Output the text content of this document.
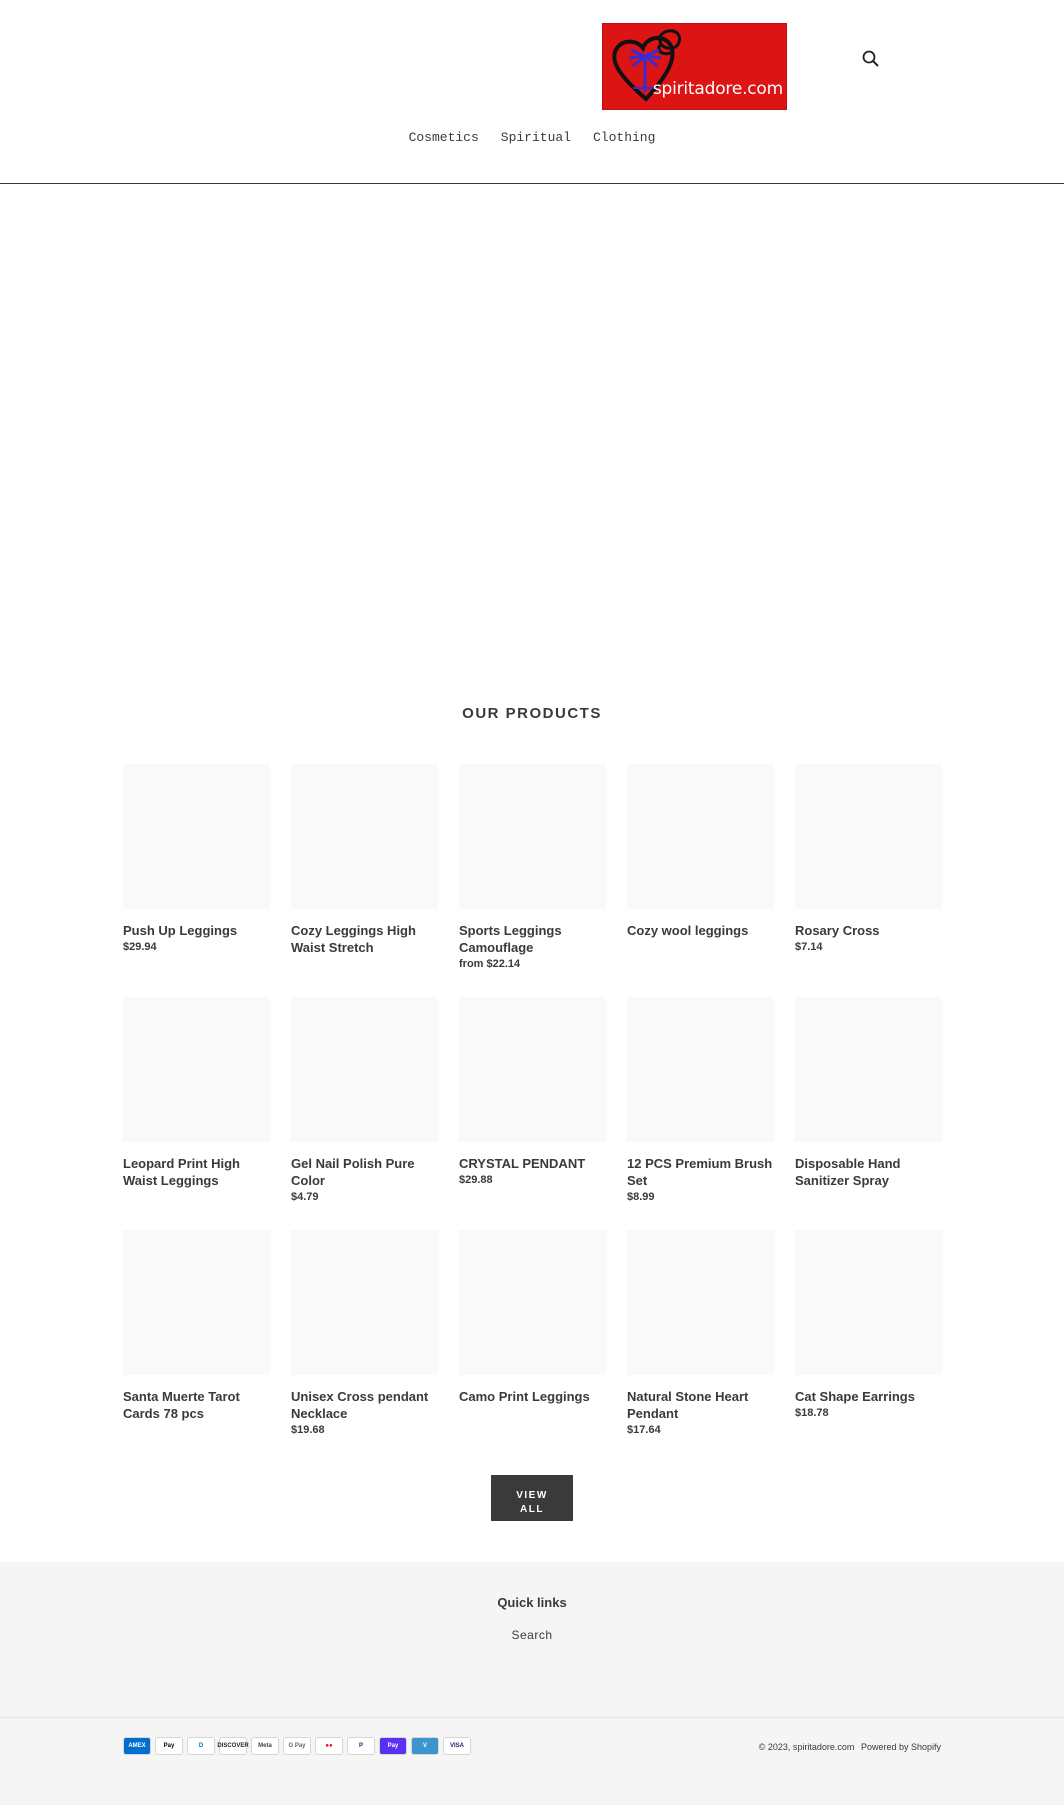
spiritadore.com
Cosmetics Spiritual Clothing
OUR PRODUCTS
Push Up Leggings
$29.94
Cozy Leggings High Waist Stretch
Sports Leggings Camouflage
from $22.14
Cozy wool leggings	Rosary Cross
$7.14
Leopard Print High Waist Leggings
Gel Nail Polish Pure Color
$4.79
CRYSTAL PENDANT
$29.88
12 PCS Premium Brush Set
$8.99
Disposable Hand Sanitizer Spray
Santa Muerte Tarot Cards 78 pcs
Unisex Cross pendant Necklace
$19.68
Camo Print Leggings	Natural Stone Heart Pendant
$17.64
Cat Shape Earrings
$18.78
VIEW
ALL
Quick links
Search
AMEX	Pay	D DISCOVER Meta	G Pay	●●	P	Pay	V	VISA	© 2023, spiritadore.com Powered by Shopify
